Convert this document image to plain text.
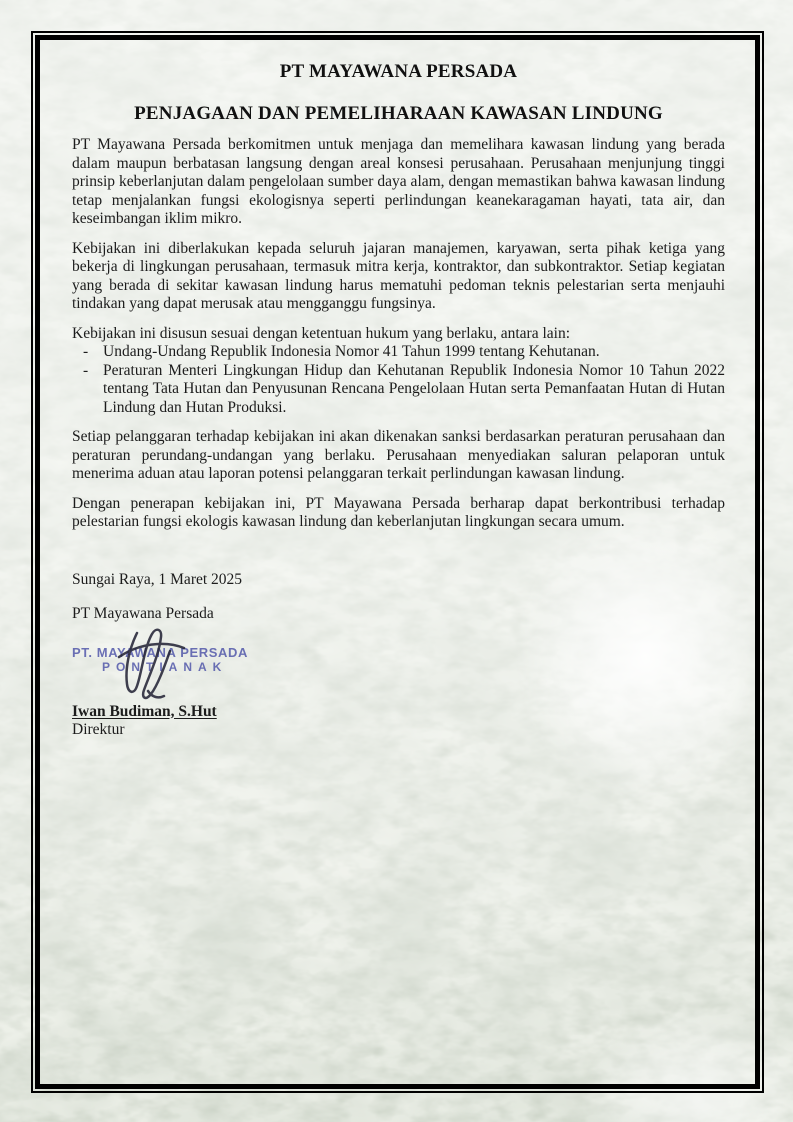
PT MAYAWANA PERSADA

PENJAGAAN DAN PEMELIHARAAN KAWASAN LINDUNG

PT Mayawana Persada berkomitmen untuk menjaga dan memelihara kawasan lindung yang berada dalam maupun berbatasan langsung dengan areal konsesi perusahaan. Perusahaan menjunjung tinggi prinsip keberlanjutan dalam pengelolaan sumber daya alam, dengan memastikan bahwa kawasan lindung tetap menjalankan fungsi ekologisnya seperti perlindungan keanekaragaman hayati, tata air, dan keseimbangan iklim mikro.

Kebijakan ini diberlakukan kepada seluruh jajaran manajemen, karyawan, serta pihak ketiga yang bekerja di lingkungan perusahaan, termasuk mitra kerja, kontraktor, dan subkontraktor. Setiap kegiatan yang berada di sekitar kawasan lindung harus mematuhi pedoman teknis pelestarian serta menjauhi tindakan yang dapat merusak atau mengganggu fungsinya.

Kebijakan ini disusun sesuai dengan ketentuan hukum yang berlaku, antara lain:

- Undang-Undang Republik Indonesia Nomor 41 Tahun 1999 tentang Kehutanan.
- Peraturan Menteri Lingkungan Hidup dan Kehutanan Republik Indonesia Nomor 10 Tahun 2022 tentang Tata Hutan dan Penyusunan Rencana Pengelolaan Hutan serta Pemanfaatan Hutan di Hutan Lindung dan Hutan Produksi.

Setiap pelanggaran terhadap kebijakan ini akan dikenakan sanksi berdasarkan peraturan perusahaan dan peraturan perundang-undangan yang berlaku. Perusahaan menyediakan saluran pelaporan untuk menerima aduan atau laporan potensi pelanggaran terkait perlindungan kawasan lindung.

Dengan penerapan kebijakan ini, PT Mayawana Persada berharap dapat berkontribusi terhadap pelestarian fungsi ekologis kawasan lindung dan keberlanjutan lingkungan secara umum.

Sungai Raya, 1 Maret 2025

PT Mayawana Persada

PT. MAYAWANA PERSADA
PONTIANAK

Iwan Budiman, S.Hut

Direktur
